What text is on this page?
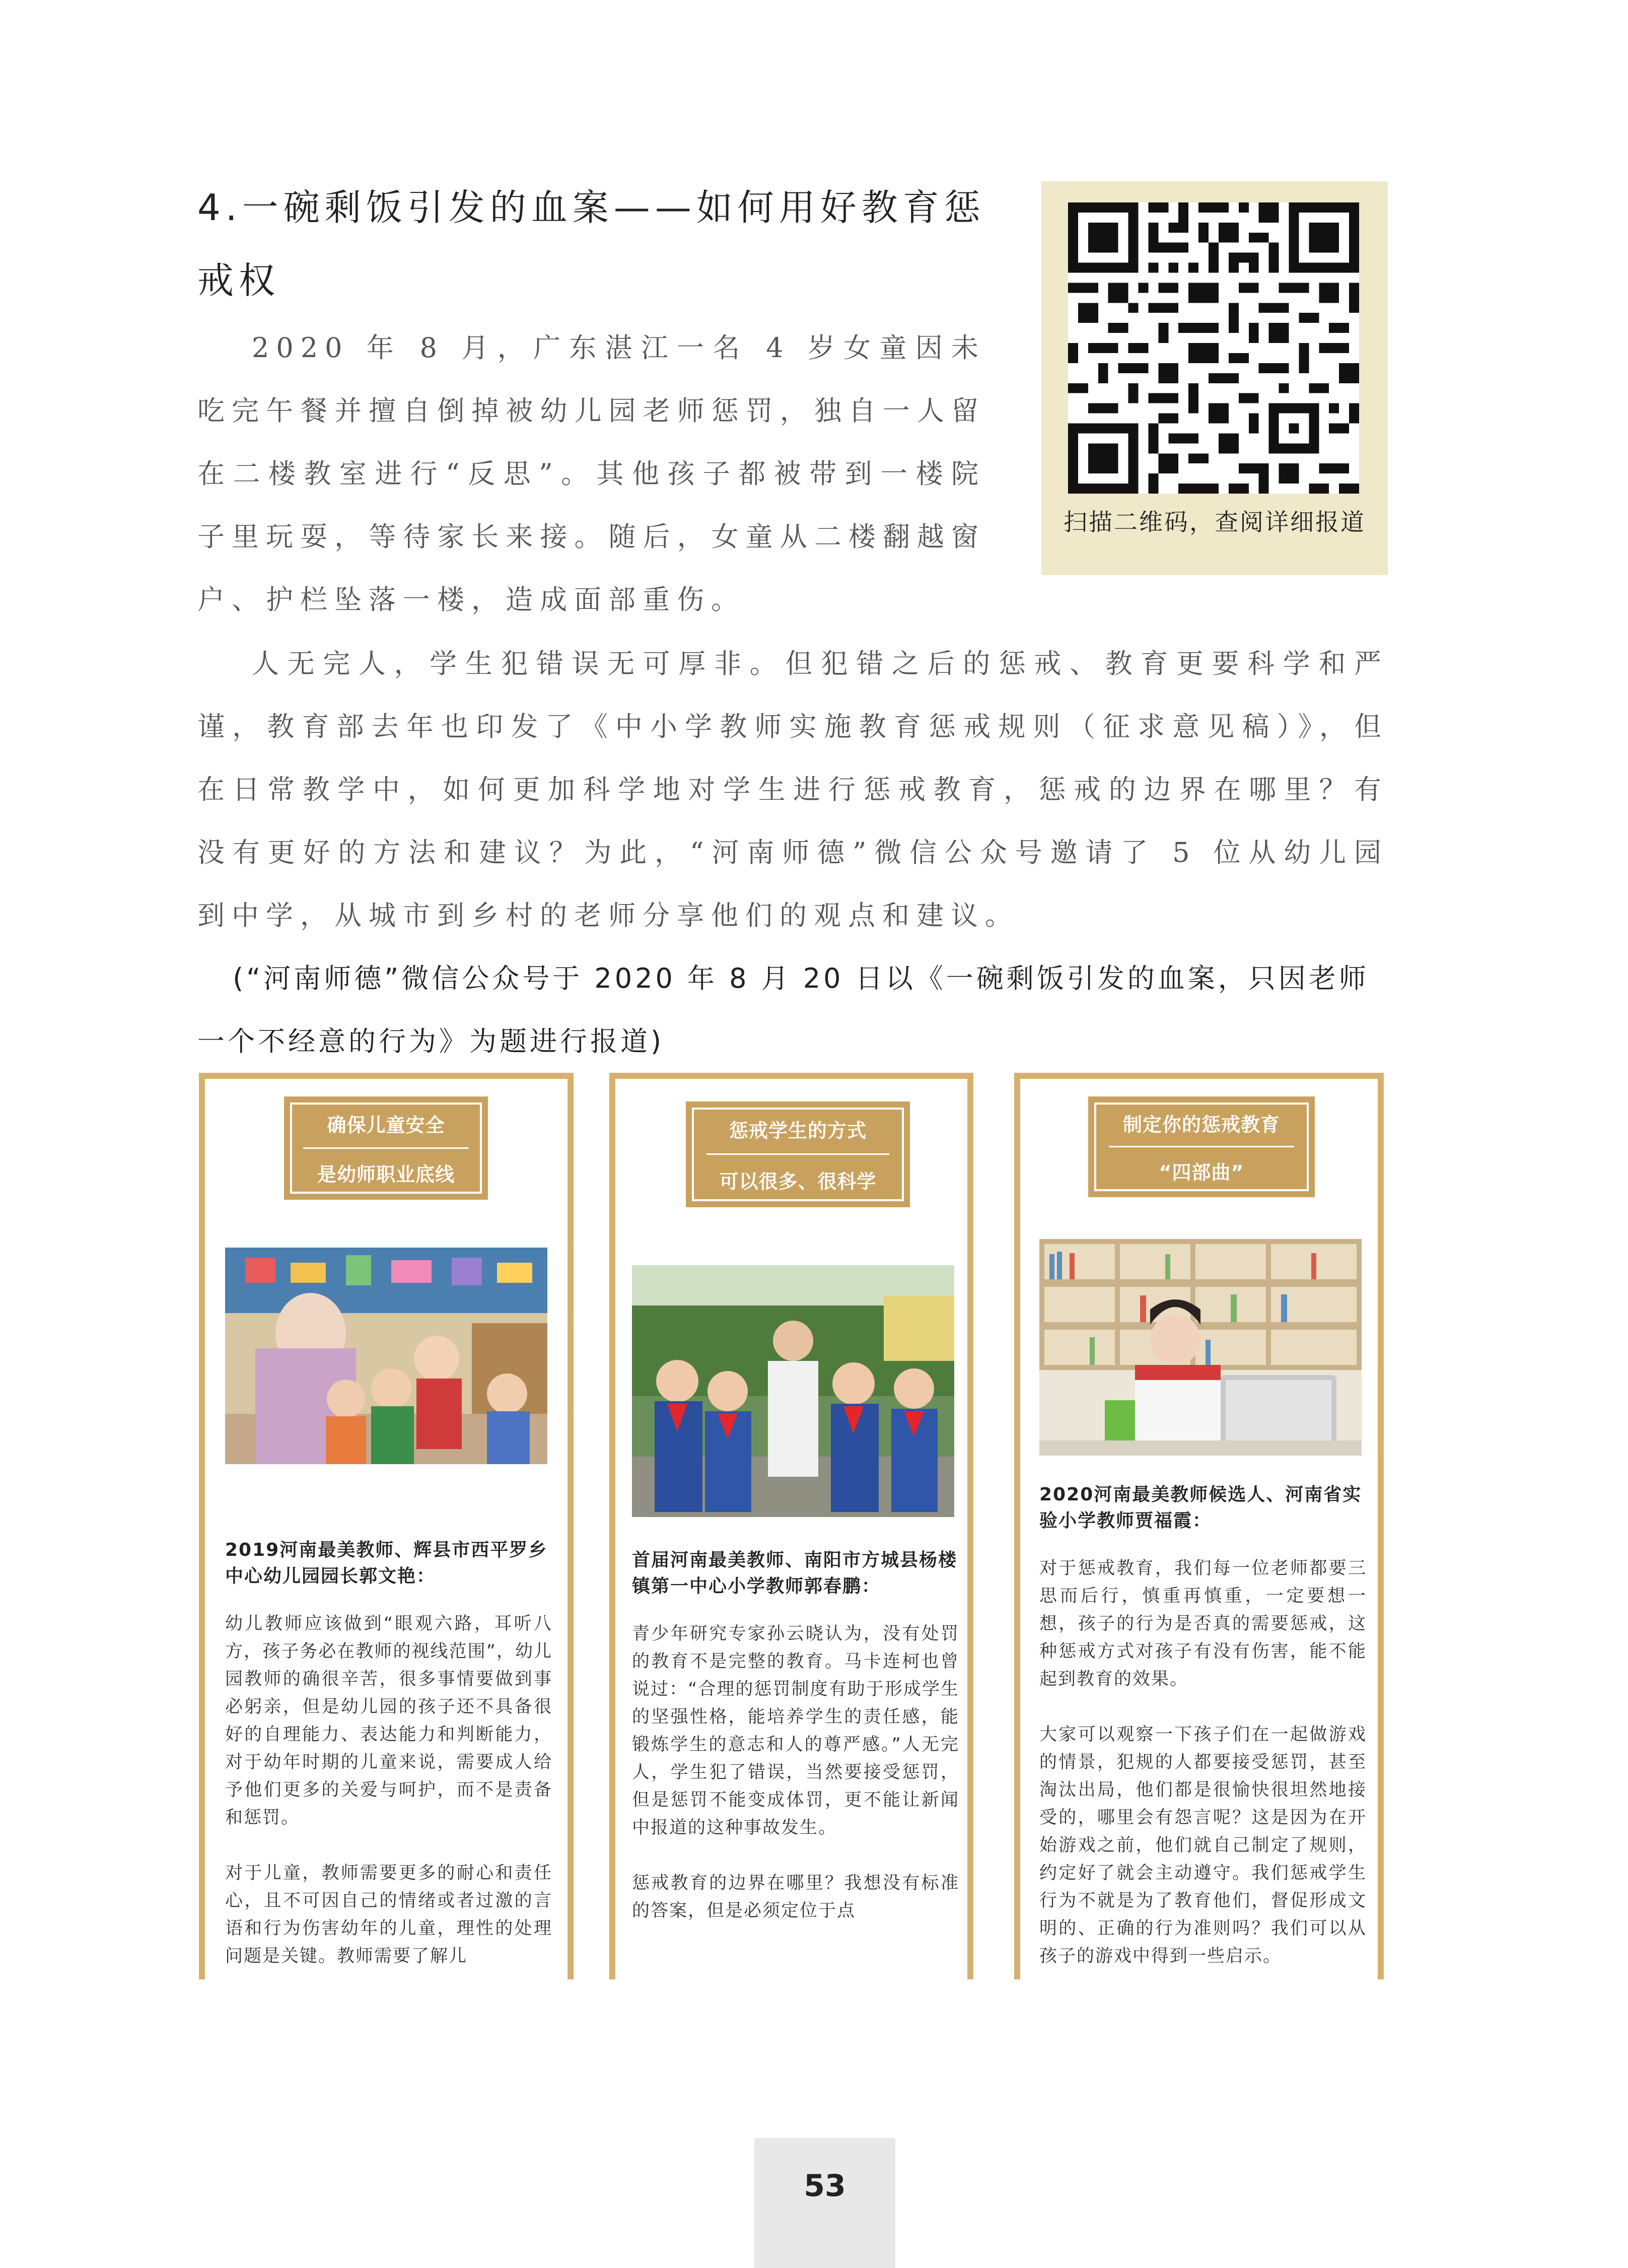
4.一碗剩饭引发的血案——如何用好教育惩戒权

扫描二维码，查阅详细报道

2020 年 8 月，广东湛江一名 4 岁女童因未吃完午餐并擅自倒掉被幼儿园老师惩罚，独自一人留在二楼教室进行“反思”。其他孩子都被带到一楼院子里玩耍，等待家长来接。随后，女童从二楼翻越窗户、护栏坠落一楼，造成面部重伤。

人无完人，学生犯错误无可厚非。但犯错之后的惩戒、教育更要科学和严谨，教育部去年也印发了《中小学教师实施教育惩戒规则（征求意见稿）》，但在日常教学中，如何更加科学地对学生进行惩戒教育，惩戒的边界在哪里？有没有更好的方法和建议？为此，“河南师德”微信公众号邀请了 5 位从幼儿园到中学，从城市到乡村的老师分享他们的观点和建议。

(“河南师德”微信公众号于 2020 年 8 月 20 日以《一碗剩饭引发的血案，只因老师一个不经意的行为》为题进行报道)

确保儿童安全
是幼师职业底线

2019河南最美教师、辉县市西平罗乡中心幼儿园园长郭文艳：

幼儿教师应该做到“眼观六路，耳听八方，孩子务必在教师的视线范围”，幼儿园教师的确很辛苦，很多事情要做到事必躬亲，但是幼儿园的孩子还不具备很好的自理能力、表达能力和判断能力，对于幼年时期的儿童来说，需要成人给予他们更多的关爱与呵护，而不是责备和惩罚。

对于儿童，教师需要更多的耐心和责任心，且不可因自己的情绪或者过激的言语和行为伤害幼年的儿童，理性的处理问题是关键。教师需要了解儿

惩戒学生的方式
可以很多、很科学

首届河南最美教师、南阳市方城县杨楼镇第一中心小学教师郭春鹏：

青少年研究专家孙云晓认为，没有处罚的教育不是完整的教育。马卡连柯也曾说过：“合理的惩罚制度有助于形成学生的坚强性格，能培养学生的责任感，能锻炼学生的意志和人的尊严感。”人无完人，学生犯了错误，当然要接受惩罚，但是惩罚不能变成体罚，更不能让新闻中报道的这种事故发生。

惩戒教育的边界在哪里？我想没有标准的答案，但是必须定位于点

制定你的惩戒教育
“四部曲”

2020河南最美教师候选人、河南省实验小学教师贾福霞：

对于惩戒教育，我们每一位老师都要三思而后行，慎重再慎重，一定要想一想，孩子的行为是否真的需要惩戒，这种惩戒方式对孩子有没有伤害，能不能起到教育的效果。

大家可以观察一下孩子们在一起做游戏的情景，犯规的人都要接受惩罚，甚至淘汰出局，他们都是很愉快很坦然地接受的，哪里会有怨言呢？这是因为在开始游戏之前，他们就自己制定了规则，约定好了就会主动遵守。我们惩戒学生行为不就是为了教育他们，督促形成文明的、正确的行为准则吗？我们可以从孩子的游戏中得到一些启示。

53
